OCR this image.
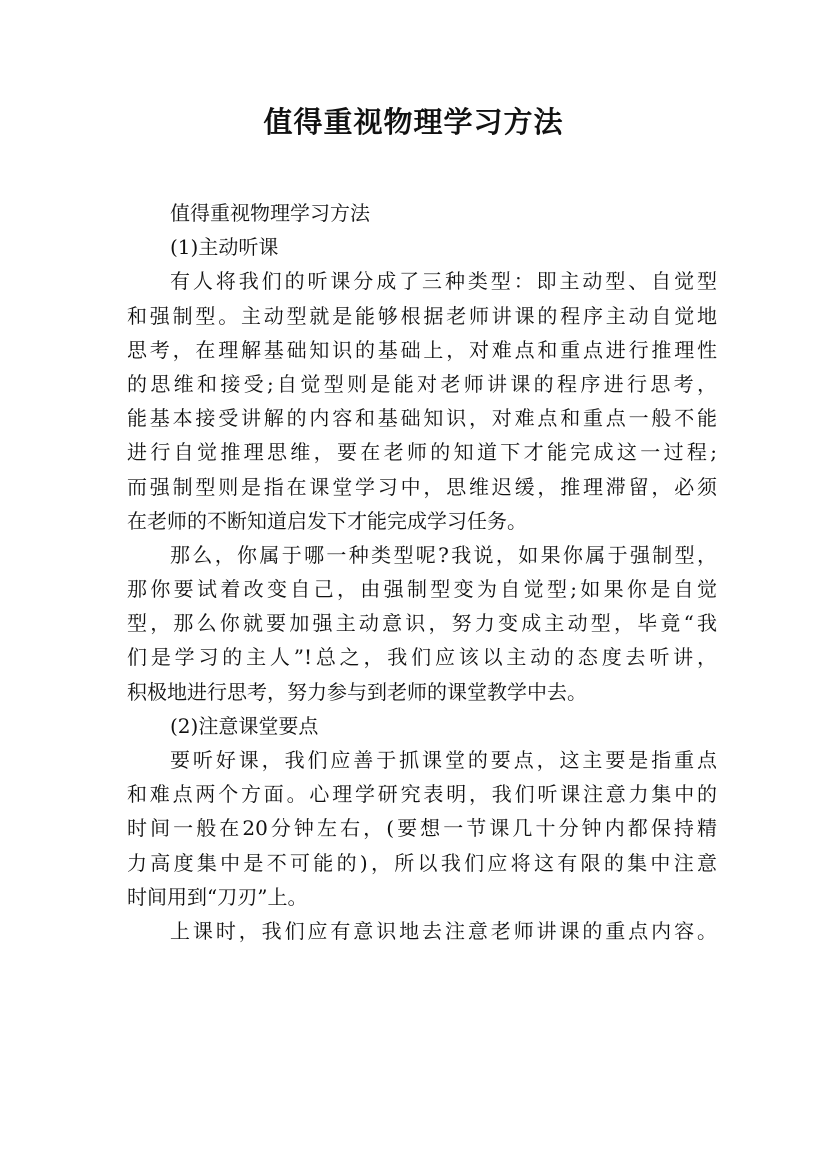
值得重视物理学习方法
值得重视物理学习方法
(1)主动听课
有人将我们的听课分成了三种类型：即主动型、自觉型
和强制型。主动型就是能够根据老师讲课的程序主动自觉地
思考，在理解基础知识的基础上，对难点和重点进行推理性
的思维和接受;自觉型则是能对老师讲课的程序进行思考，
能基本接受讲解的内容和基础知识，对难点和重点一般不能
进行自觉推理思维，要在老师的知道下才能完成这一过程;
而强制型则是指在课堂学习中，思维迟缓，推理滞留，必须
在老师的不断知道启发下才能完成学习任务。
那么，你属于哪一种类型呢?我说，如果你属于强制型，
那你要试着改变自己，由强制型变为自觉型;如果你是自觉
型，那么你就要加强主动意识，努力变成主动型，毕竟“我
们是学习的主人”!总之，我们应该以主动的态度去听讲，
积极地进行思考，努力参与到老师的课堂教学中去。
(2)注意课堂要点
要听好课，我们应善于抓课堂的要点，这主要是指重点
和难点两个方面。心理学研究表明，我们听课注意力集中的
时间一般在20分钟左右，(要想一节课几十分钟内都保持精
力高度集中是不可能的)，所以我们应将这有限的集中注意
时间用到“刀刃”上。
上课时，我们应有意识地去注意老师讲课的重点内容。
